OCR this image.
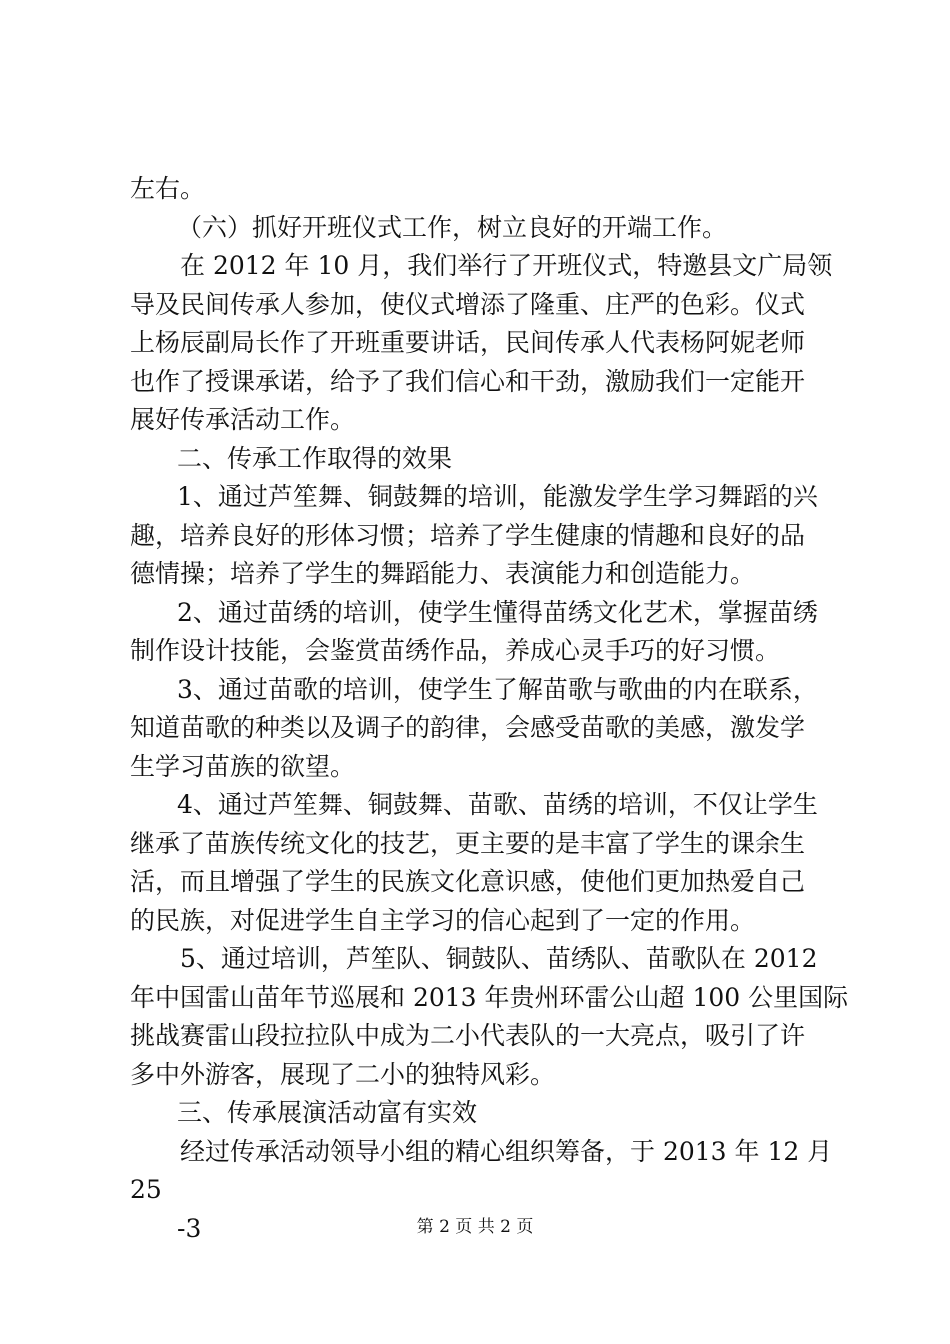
左右。
（六）抓好开班仪式工作，树立良好的开端工作。
在 2012 年 10 月，我们举行了开班仪式，特邀县文广局领
导及民间传承人参加，使仪式增添了隆重、庄严的色彩。仪式
上杨辰副局长作了开班重要讲话，民间传承人代表杨阿妮老师
也作了授课承诺，给予了我们信心和干劲，激励我们一定能开
展好传承活动工作。
二、传承工作取得的效果
1、通过芦笙舞、铜鼓舞的培训，能激发学生学习舞蹈的兴
趣，培养良好的形体习惯；培养了学生健康的情趣和良好的品
德情操；培养了学生的舞蹈能力、表演能力和创造能力。
2、通过苗绣的培训，使学生懂得苗绣文化艺术，掌握苗绣
制作设计技能，会鉴赏苗绣作品，养成心灵手巧的好习惯。
3、通过苗歌的培训，使学生了解苗歌与歌曲的内在联系，
知道苗歌的种类以及调子的韵律，会感受苗歌的美感，激发学
生学习苗族的欲望。
4、通过芦笙舞、铜鼓舞、苗歌、苗绣的培训，不仅让学生
继承了苗族传统文化的技艺，更主要的是丰富了学生的课余生
活，而且增强了学生的民族文化意识感，使他们更加热爱自己
的民族，对促进学生自主学习的信心起到了一定的作用。
5、通过培训，芦笙队、铜鼓队、苗绣队、苗歌队在 2012
年中国雷山苗年节巡展和 2013 年贵州环雷公山超 100 公里国际
挑战赛雷山段拉拉队中成为二小代表队的一大亮点，吸引了许
多中外游客，展现了二小的独特风彩。
三、传承展演活动富有实效
经过传承活动领导小组的精心组织筹备，于 2013 年 12 月
25
-3	第 2 页 共 2 页
